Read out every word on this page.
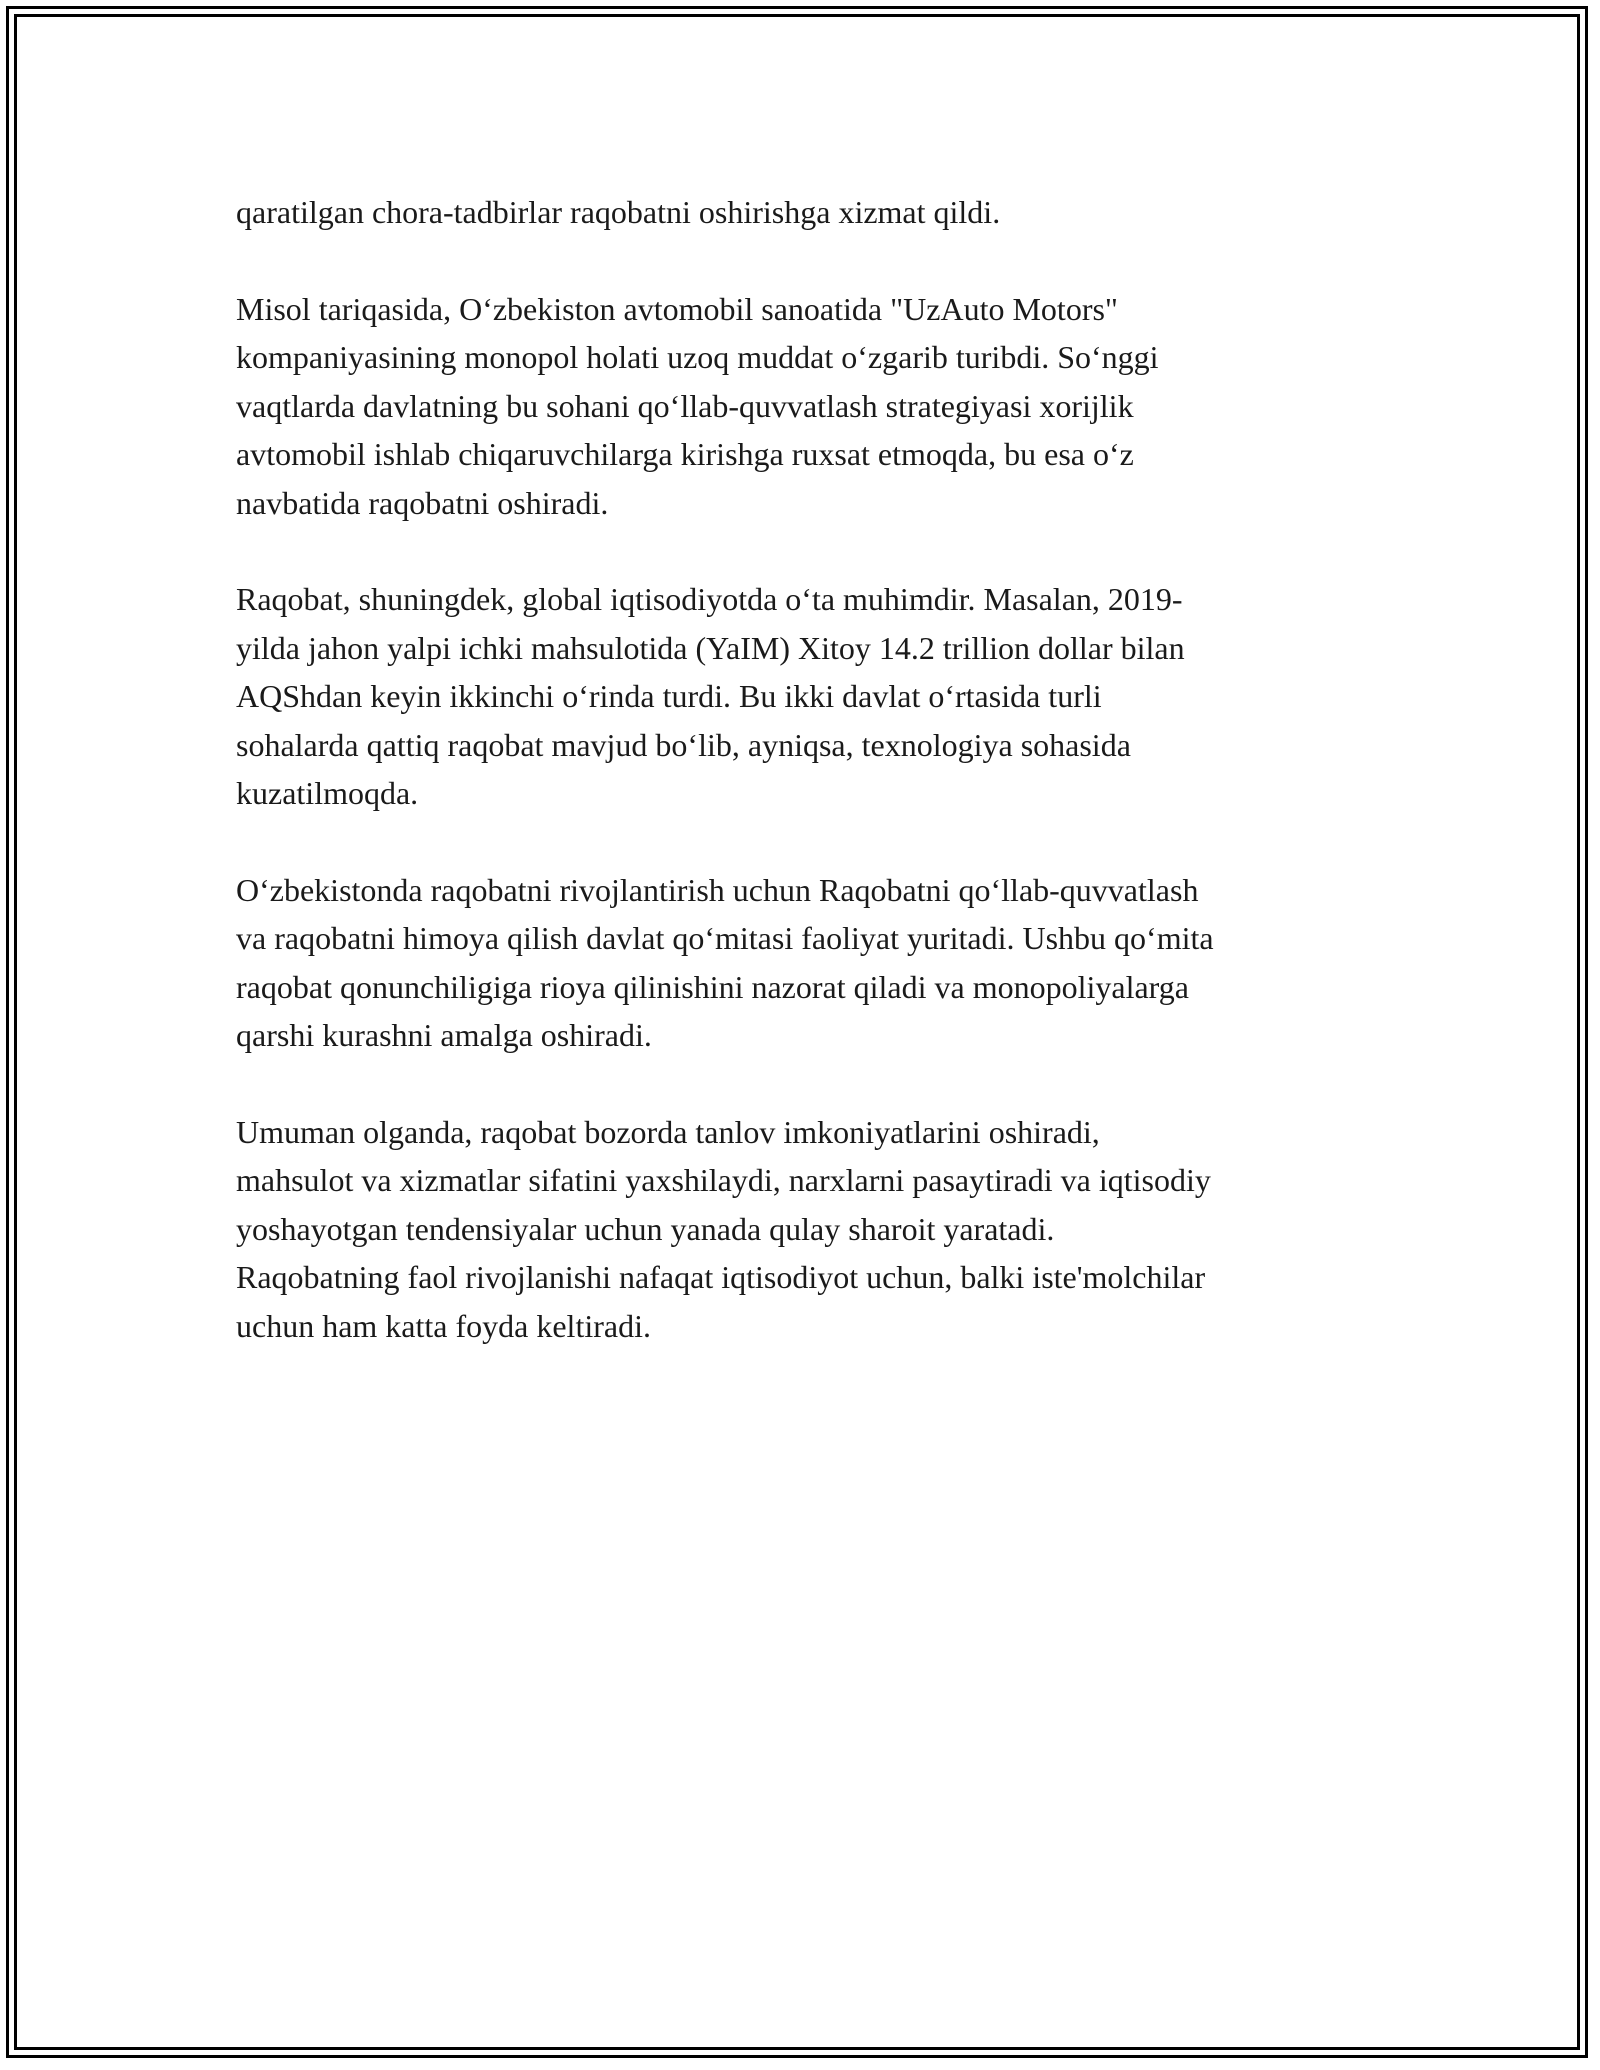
qaratilgan chora-tadbirlar raqobatni oshirishga xizmat qildi.

Misol tariqasida, O‘zbekiston avtomobil sanoatida "UzAuto Motors"
kompaniyasining monopol holati uzoq muddat o‘zgarib turibdi. So‘nggi
vaqtlarda davlatning bu sohani qo‘llab-quvvatlash strategiyasi xorijlik
avtomobil ishlab chiqaruvchilarga kirishga ruxsat etmoqda, bu esa o‘z
navbatida raqobatni oshiradi.

Raqobat, shuningdek, global iqtisodiyotda o‘ta muhimdir. Masalan, 2019-
yilda jahon yalpi ichki mahsulotida (YaIM) Xitoy 14.2 trillion dollar bilan
AQShdan keyin ikkinchi o‘rinda turdi. Bu ikki davlat o‘rtasida turli
sohalarda qattiq raqobat mavjud bo‘lib, ayniqsa, texnologiya sohasida
kuzatilmoqda.

O‘zbekistonda raqobatni rivojlantirish uchun Raqobatni qo‘llab-quvvatlash
va raqobatni himoya qilish davlat qo‘mitasi faoliyat yuritadi. Ushbu qo‘mita
raqobat qonunchiligiga rioya qilinishini nazorat qiladi va monopoliyalarga
qarshi kurashni amalga oshiradi.

Umuman olganda, raqobat bozorda tanlov imkoniyatlarini oshiradi,
mahsulot va xizmatlar sifatini yaxshilaydi, narxlarni pasaytiradi va iqtisodiy
yoshayotgan tendensiyalar uchun yanada qulay sharoit yaratadi.
Raqobatning faol rivojlanishi nafaqat iqtisodiyot uchun, balki iste'molchilar
uchun ham katta foyda keltiradi.
